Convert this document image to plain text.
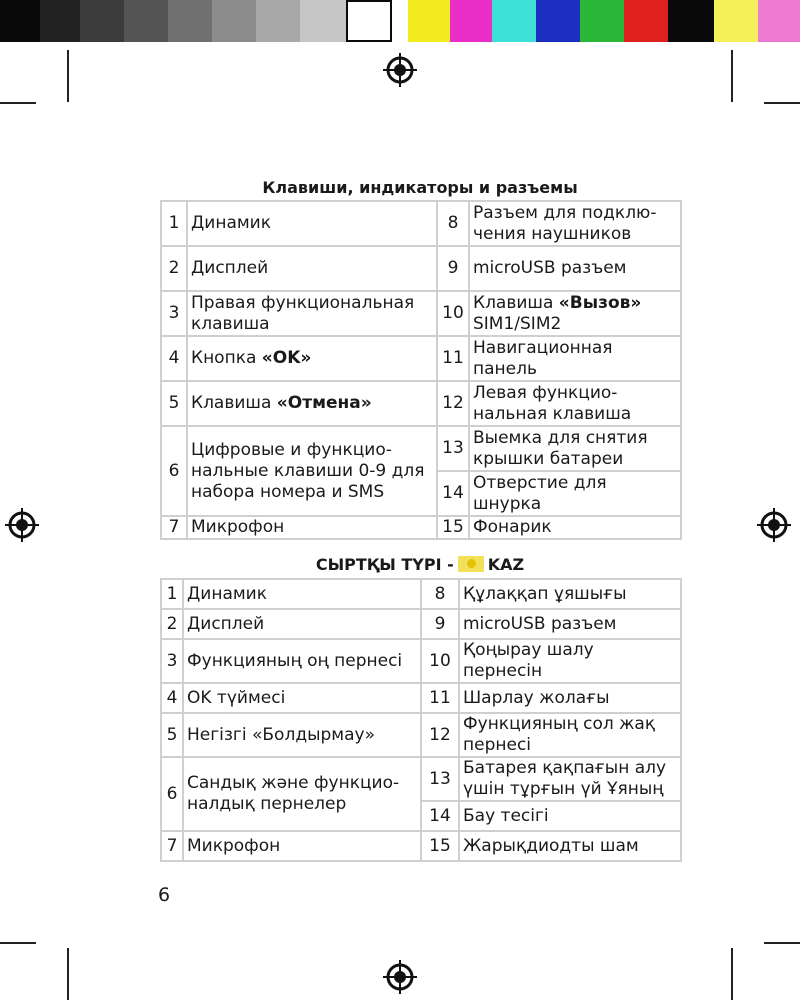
Клавиши, индикаторы и разъемы
1	Динамик	8	Разъем для подклю-чения наушников
2	Дисплей	9	microUSB разъем
3	Правая функциональная клавиша	10	Клавиша «Вызов» SIM1/SIM2
4	Кнопка «OK»	11	Навигационная панель
5	Клавиша «Отмена»	12	Левая функцио-нальная клавиша
6	Цифровые и функцио-нальные клавиши 0-9 для набора номера и SMS	13	Выемка для снятия крышки батареи
		14	Отверстие для шнурка
7	Микрофон	15	Фонарик
СЫРТҚЫ ТҮРІ - KAZ
1	Динамик	8	Құлаққап ұяшығы
2	Дисплей	9	microUSB разъем
3	Функцияның оң пернесі	10	Қоңырау шалу пернесін
4	OK түймесі	11	Шарлау жолағы
5	Негізгі «Болдырмау»	12	Функцияның сол жақ пернесі
6	Сандық және функцио-налдық пернелер	13	Батарея қақпағын алу үшін тұрғын үй Ұяның
		14	Бау тесігі
7	Микрофон	15	Жарықдиодты шам
6
